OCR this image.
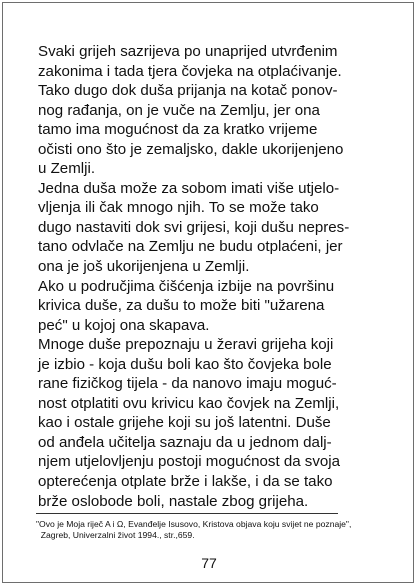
Svaki grijeh sazrijeva po unaprijed utvrđenim
zakonima i tada tjera čovjeka na otplaćivanje.
Tako dugo dok duša prijanja na kotač ponov-
nog rađanja, on je vuče na Zemlju, jer ona
tamo ima mogućnost da za kratko vrijeme
očisti ono što je zemaljsko, dakle ukorijenjeno
u Zemlji.
Jedna duša može za sobom imati više utjelo-
vljenja ili čak mnogo njih. To se može tako
dugo nastaviti dok svi grijesi, koji dušu nepres-
tano odvlače na Zemlju ne budu otplaćeni, jer
ona je još ukorijenjena u Zemlji.
Ako u područjima čišćenja izbije na površinu
krivica duše, za dušu to može biti "užarena
peć" u kojoj ona skapava.
Mnoge duše prepoznaju u žeravi grijeha koji
je izbio - koja dušu boli kao što čovjeka bole
rane fizičkog tijela - da nanovo imaju moguć-
nost otplatiti ovu krivicu kao čovjek na Zemlji,
kao i ostale grijehe koji su još latentni. Duše
od anđela učitelja saznaju da u jednom dalj-
njem utjelovljenju postoji mogućnost da svoja
opterećenja otplate brže i lakše, i da se tako
brže oslobode boli, nastale zbog grijeha.
"Ovo je Moja riječ A i Ω, Evanđelje Isusovo, Kristova objava koju svijet ne poznaje",
Zagreb, Univerzalni život 1994., str.,659.
77
